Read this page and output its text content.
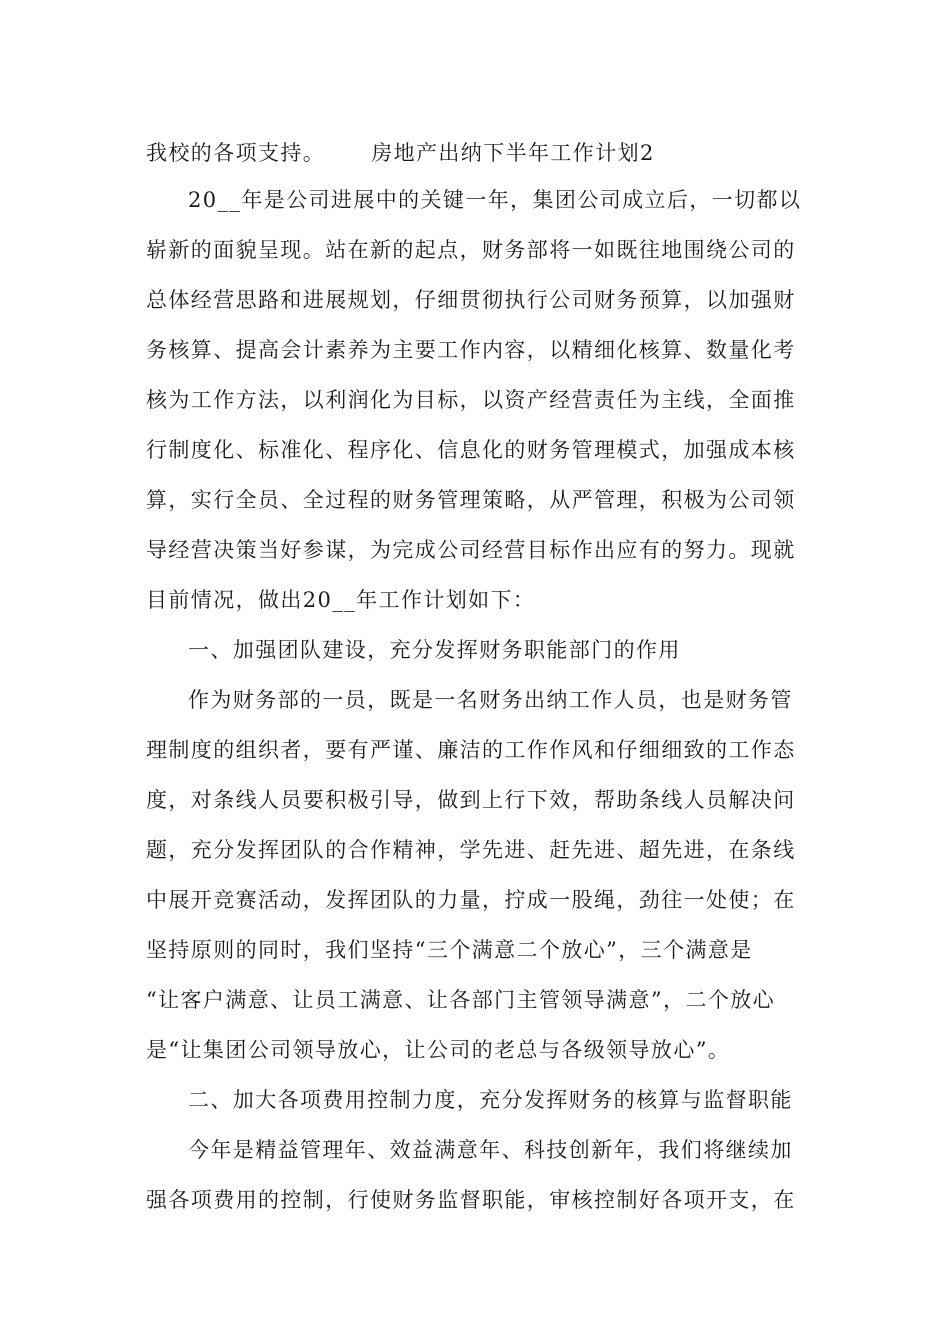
我校的各项支持。 房地产出纳下半年工作计划2
20__年是公司进展中的关键一年，集团公司成立后，一切都以
崭新的面貌呈现。站在新的起点，财务部将一如既往地围绕公司的
总体经营思路和进展规划，仔细贯彻执行公司财务预算，以加强财
务核算、提高会计素养为主要工作内容，以精细化核算、数量化考
核为工作方法，以利润化为目标，以资产经营责任为主线，全面推
行制度化、标准化、程序化、信息化的财务管理模式，加强成本核
算，实行全员、全过程的财务管理策略，从严管理，积极为公司领
导经营决策当好参谋，为完成公司经营目标作出应有的努力。现就
目前情况，做出20__年工作计划如下：
一、加强团队建设，充分发挥财务职能部门的作用
作为财务部的一员，既是一名财务出纳工作人员，也是财务管
理制度的组织者，要有严谨、廉洁的工作作风和仔细细致的工作态
度，对条线人员要积极引导，做到上行下效，帮助条线人员解决问
题，充分发挥团队的合作精神，学先进、赶先进、超先进，在条线
中展开竞赛活动，发挥团队的力量，拧成一股绳，劲往一处使；在
坚持原则的同时，我们坚持“三个满意二个放心”，三个满意是
“让客户满意、让员工满意、让各部门主管领导满意”，二个放心
是“让集团公司领导放心，让公司的老总与各级领导放心”。
二、加大各项费用控制力度，充分发挥财务的核算与监督职能
今年是精益管理年、效益满意年、科技创新年，我们将继续加
强各项费用的控制，行使财务监督职能，审核控制好各项开支，在
